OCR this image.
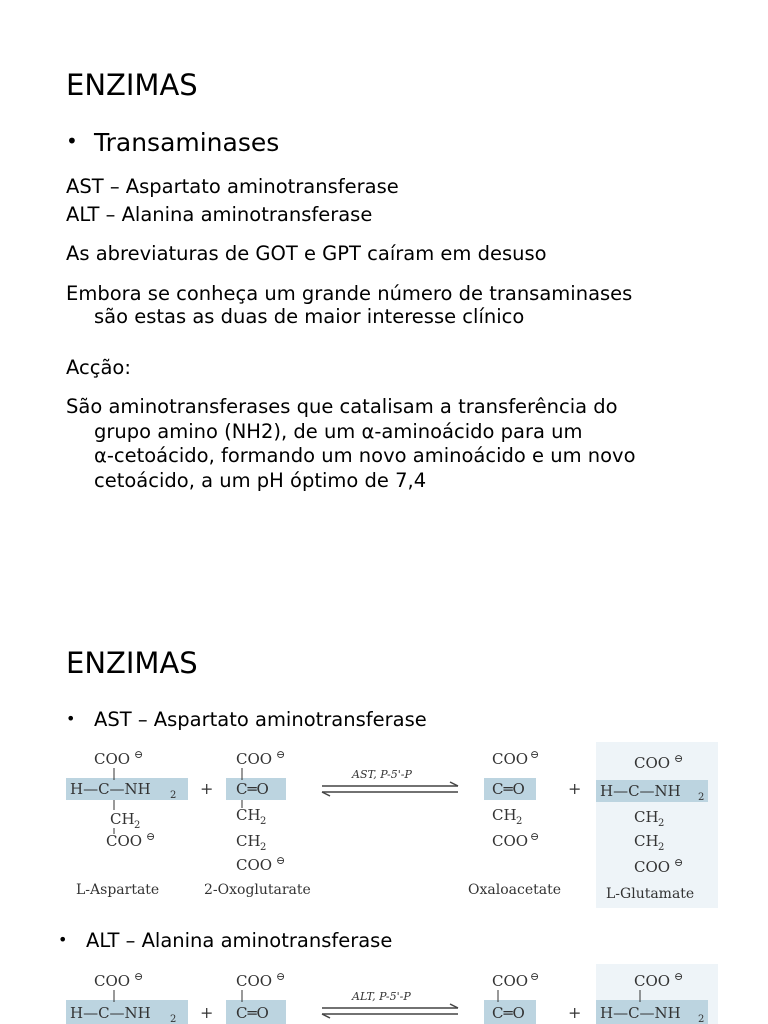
ENZIMAS
• Transaminases

AST – Aspartato aminotransferase

ALT – Alanina aminotransferase

As abreviaturas de GOT e GPT caíram em desuso

Embora se conheça um grande número de transaminases
são estas as duas de maior interesse clínico

Acção:

São aminotransferases que catalisam a transferência do
grupo amino (NH2), de um α-aminoácido para um
α-cetoácido, formando um novo aminoácido e um novo
cetoácido, a um pH óptimo de 7,4

ENZIMAS
• AST – Aspartato aminotransferase
COO ⊖
H—C—NH 2
CH 2
COO ⊖
L-Aspartate
+
COO ⊖
C═O
CH 2
CH 2
COO ⊖
2-Oxoglutarate
AST, P-5'-P
COO ⊖
C═O
CH 2
COO ⊖
Oxaloacetate
+
COO ⊖
H—C—NH 2
CH 2
CH 2
COO ⊖
L-Glutamate
• ALT – Alanina aminotransferase
COO ⊖
H—C—NH 2 +
COO ⊖
C═O
ALT, P-5'-P
COO ⊖
C═O	+
COO ⊖
H—C—NH 2
